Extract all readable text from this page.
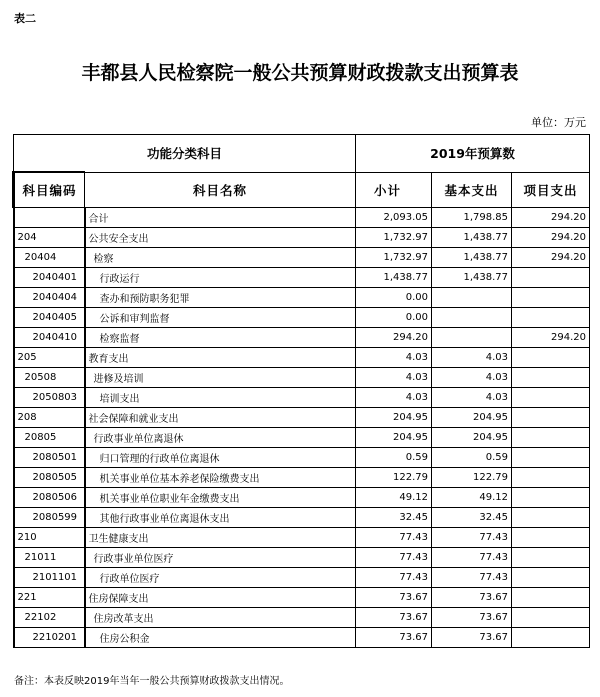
表二
丰都县人民检察院一般公共预算财政拨款支出预算表
单位：万元
功能分类科目		2019年预算数		
科目编码	科目名称	小计	基本支出	项目支出
	合计	2,093.05	1,798.85	294.20
204	公共安全支出	1,732.97	1,438.77	294.20
20404	检察	1,732.97	1,438.77	294.20
2040401	行政运行	1,438.77	1,438.77	
2040404	查办和预防职务犯罪	0.00		
2040405	公诉和审判监督	0.00		
2040410	检察监督	294.20		294.20
205	教育支出	4.03	4.03	
20508	进修及培训	4.03	4.03	
2050803	培训支出	4.03	4.03	
208	社会保障和就业支出	204.95	204.95	
20805	行政事业单位离退休	204.95	204.95	
2080501	归口管理的行政单位离退休	0.59	0.59	
2080505	机关事业单位基本养老保险缴费支出	122.79	122.79	
2080506	机关事业单位职业年金缴费支出	49.12	49.12	
2080599	其他行政事业单位离退休支出	32.45	32.45	
210	卫生健康支出	77.43	77.43	
21011	行政事业单位医疗	77.43	77.43	
2101101	行政单位医疗	77.43	77.43	
221	住房保障支出	73.67	73.67	
22102	住房改革支出	73.67	73.67	
2210201	住房公积金	73.67	73.67	
备注：本表反映2019年当年一般公共预算财政拨款支出情况。
